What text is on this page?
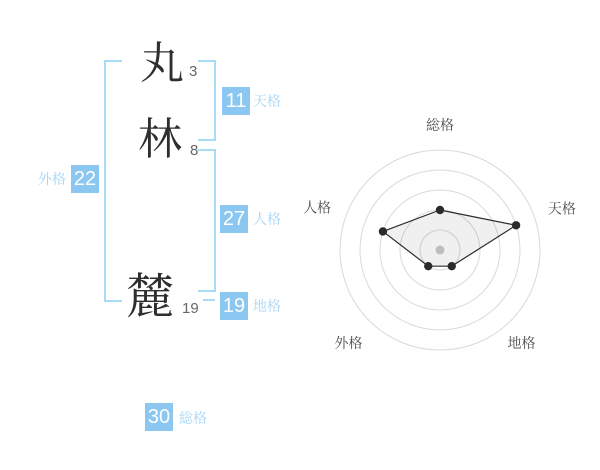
丸 3
林 8
麓 19
11 天格
27 人格
19 地格
外格 22
30 総格
総格
天格
地格
外格
人格
